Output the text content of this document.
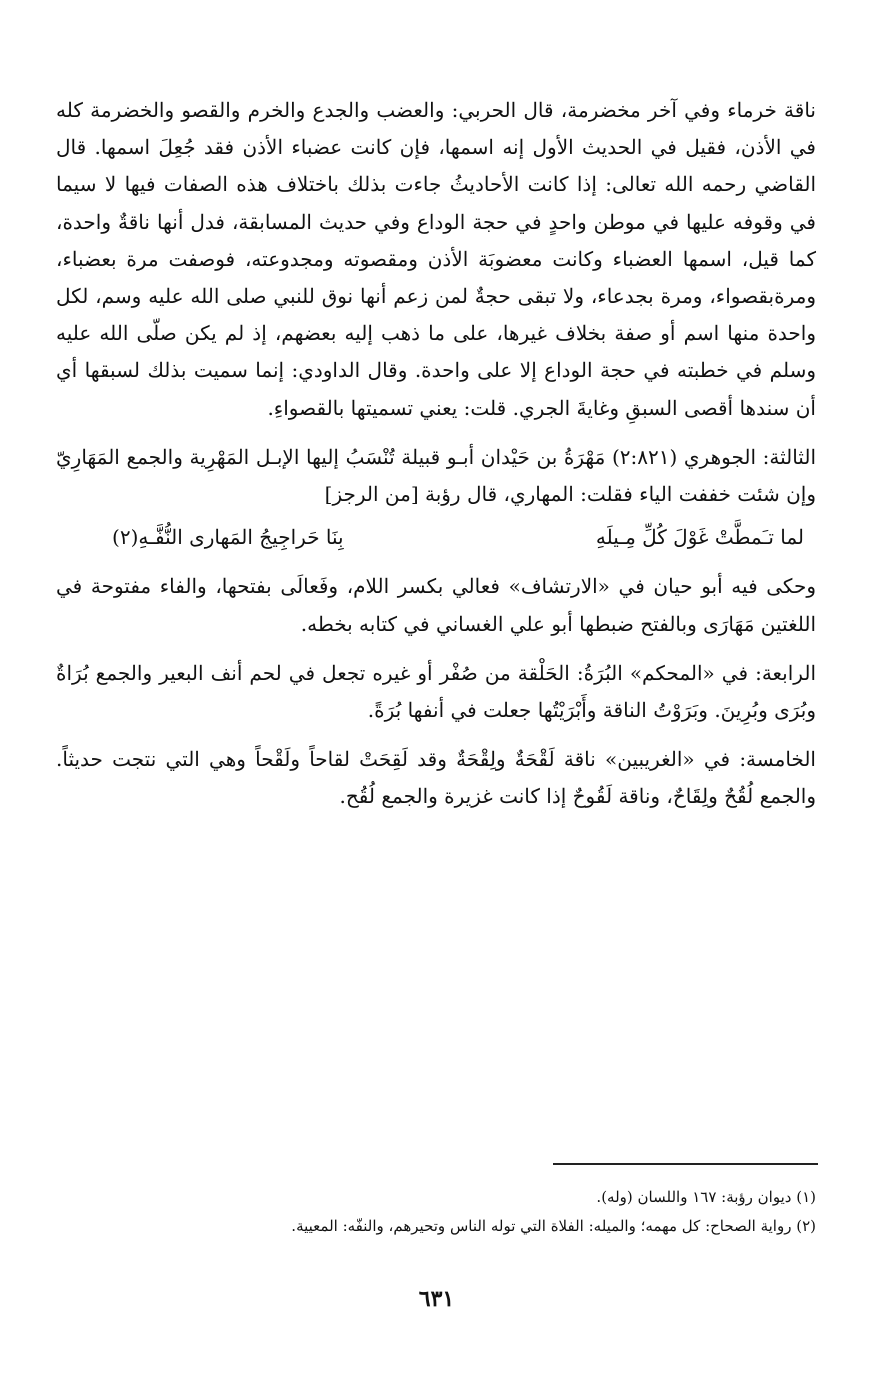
ناقة خرماء وفي آخر مخضرمة، قال الحربي: والعضب والجدع والخرم والقصو والخضرمة كله في الأذن، فقيل في الحديث الأول إنه اسمها، فإن كانت عضباء الأذن فقد جُعِلَ اسمها. قال القاضي رحمه الله تعالى: إذا كانت الأحاديثُ جاءت بذلك باختلاف هذه الصفات فيها لا سيما في وقوفه عليها في موطن واحدٍ في حجة الوداع وفي حديث المسابقة، فدل أنها ناقةٌ واحدة، كما قيل، اسمها العضباء وكانت معضوبَة الأذن ومقصوته ومجدوعته، فوصفت مرة بعضباء، ومرةبقصواء، ومرة بجدعاء، ولا تبقى حجةٌ لمن زعم أنها نوق للنبي صلى الله عليه وسم، لكل واحدة منها اسم أو صفة بخلاف غيرها، على ما ذهب إليه بعضهم، إذ لم يكن صلّى الله عليه وسلم في خطبته في حجة الوداع إلا على واحدة. وقال الداودي: إنما سميت بذلك لسبقها أي أن سندها أقصى السبقِ وغايةَ الجري. قلت: يعني تسميتها بالقصواءِ.

الثالثة: الجوهري (٢:٨٢١) مَهْرَةُ بن حَيْدان أبـو قبيلة تُنْسَبُ إليها الإبـل المَهْرِية والجمع المَهَارِيّ وإن شئت خففت الياء فقلت: المهاري، قال رؤبة [من الرجز]

لما تـَمطَّتْ غَوْلَ كُلِّ مِـيلَهِ
بِنَا حَراجِيجُ المَهارى النُّفَّـهِ(٢)

وحكى فيه أبو حيان في «الارتشاف» فعالي بكسر اللام، وفَعالَى بفتحها، والفاء مفتوحة في اللغتين مَهَارَى وبالفتح ضبطها أبو علي الغساني في كتابه بخطه.

الرابعة: في «المحكم» البُرَةُ: الحَلْقة من صُفْر أو غيره تجعل في لحم أنف البعير والجمع بُرَاةٌ وبُرَى وبُرِينَ. وبَرَوْتُ الناقة وأَبْرَيْتُها جعلت في أنفها بُرَةً.

الخامسة: في «الغريبين» ناقة لَقْحَةٌ ولِقْحَةٌ وقد لَقِحَتْ لقاحاً ولَقْحاً وهي التي نتجت حديثاً. والجمع لُقُحٌ ولِقَاحٌ، وناقة لَقُوحٌ إذا كانت غزيرة والجمع لُقُح.

(١) ديوان رؤبة: ١٦٧ واللسان (وله).

(٢) رواية الصحاح: كل مهمه؛ والميله: الفلاة التي توله الناس وتحيرهم، والنفّه: المعيية.

٦٣١
